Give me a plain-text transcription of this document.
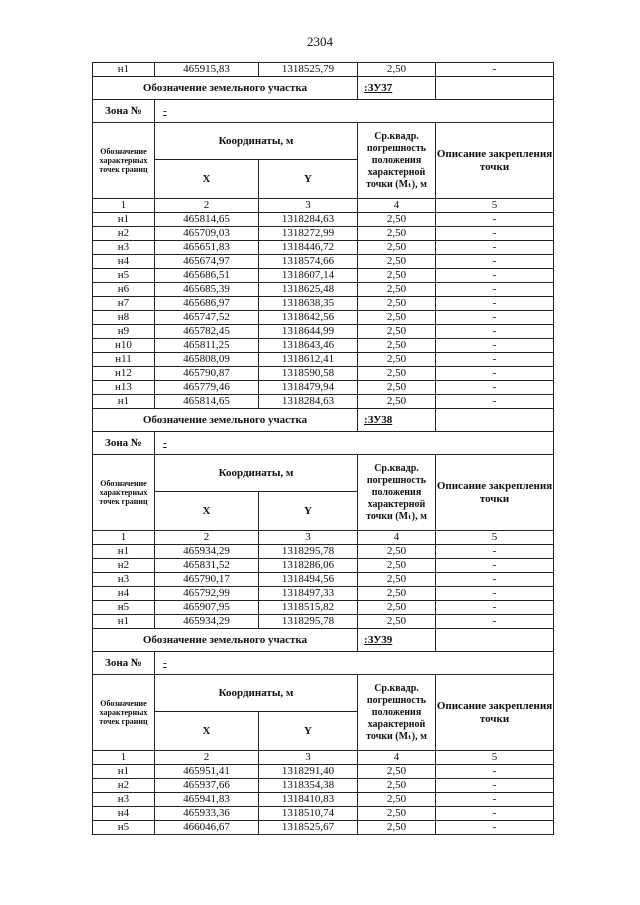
2304
н1	465915,83	1318525,79	2,50	-
Обозначение земельного участка			:ЗУ37	
Зона №	-			
Обозначение характерных точек границ	Координаты, м		Ср.квадр. погрешность положения характерной точки (Мₜ), м	Описание закрепления точки
	X	Y		
1	2	3	4	5
н1	465814,65	1318284,63	2,50	-
н2	465709,03	1318272,99	2,50	-
н3	465651,83	1318446,72	2,50	-
н4	465674,97	1318574,66	2,50	-
н5	465686,51	1318607,14	2,50	-
н6	465685,39	1318625,48	2,50	-
н7	465686,97	1318638,35	2,50	-
н8	465747,52	1318642,56	2,50	-
н9	465782,45	1318644,99	2,50	-
н10	465811,25	1318643,46	2,50	-
н11	465808,09	1318612,41	2,50	-
н12	465790,87	1318590,58	2,50	-
н13	465779,46	1318479,94	2,50	-
н1	465814,65	1318284,63	2,50	-
Обозначение земельного участка			:ЗУ38	
Зона №	-			
Обозначение характерных точек границ	Координаты, м		Ср.квадр. погрешность положения характерной точки (Мₜ), м	Описание закрепления точки
	X	Y		
1	2	3	4	5
н1	465934,29	1318295,78	2,50	-
н2	465831,52	1318286,06	2,50	-
н3	465790,17	1318494,56	2,50	-
н4	465792,99	1318497,33	2,50	-
н5	465907,95	1318515,82	2,50	-
н1	465934,29	1318295,78	2,50	-
Обозначение земельного участка			:ЗУ39	
Зона №	-			
Обозначение характерных точек границ	Координаты, м		Ср.квадр. погрешность положения характерной точки (Мₜ), м	Описание закрепления точки
	X	Y		
1	2	3	4	5
н1	465951,41	1318291,40	2,50	-
н2	465937,66	1318354,38	2,50	-
н3	465941,83	1318410,83	2,50	-
н4	465933,36	1318510,74	2,50	-
н5	466046,67	1318525,67	2,50	-
